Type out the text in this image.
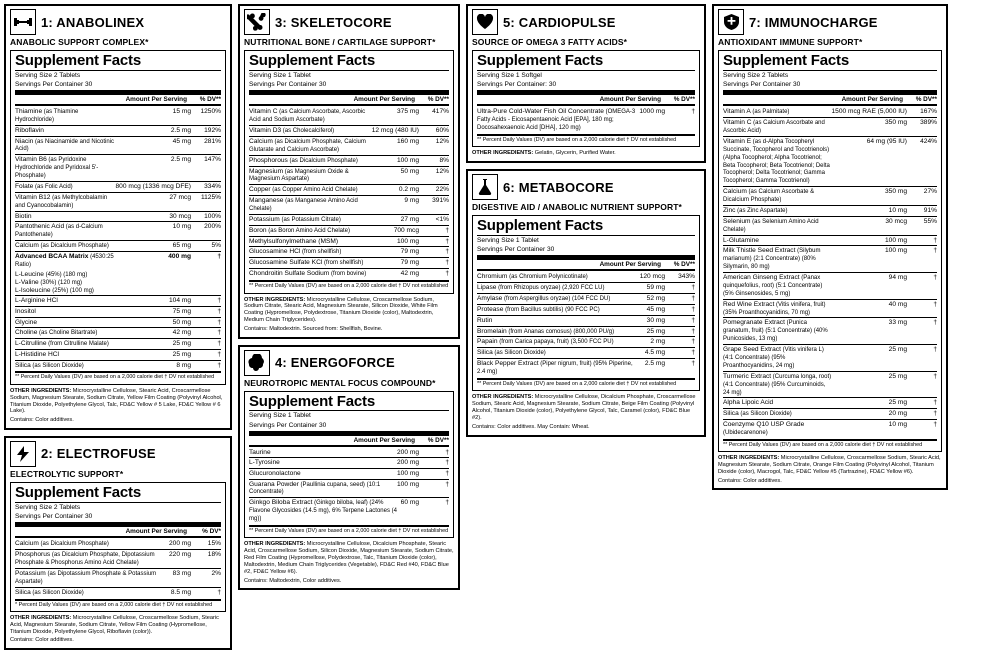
1: ANABOLINEX
ANABOLIC SUPPORT COMPLEX*
Supplement Facts
Serving Size 2 Tablets
Servings Per Container 30
Amount Per Serving	% DV**
Thiamine (as Thiamine Hydrochloride)	15 mg	1250%
Riboflavin	2.5 mg	192%
Niacin (as Niacinamide and Nicotinic Acid)	45 mg	281%
Vitamin B6 (as Pyridoxine Hydrochloride and Pyridoxal 5'-Phosphate)	2.5 mg	147%
Folate (as Folic Acid)	800 mcg (1336 mcg DFE)	334%
Vitamin B12 (as Methylcobalamin and Cyanocobalamin)	27 mcg	1125%
Biotin	30 mcg	100%
Pantothenic Acid (as d-Calcium Pantothenate)	10 mg	200%
Calcium (as Dicalcium Phosphate)	65 mg	5%
Advanced BCAA Matrix (4530:25 Ratio)	400 mg	†

L-Leucine (45%) (180 mg)
L-Valine (30%) (120 mg)
L-Isoleucine (25%) (100 mg)		

L-Arginine HCl	104 mg	†
Inositol	75 mg	†
Glycine	50 mg	†
Choline (as Choline Bitartrate)	42 mg	†
L-Citrulline (from Citrulline Malate)	25 mg	†
L-Histidine HCl	25 mg	†
Silica (as Silicon Dioxide)	8 mg	†
** Percent Daily Values (DV) are based on a 2,000 calorie diet † DV not established
OTHER INGREDIENTS: Microcrystalline Cellulose, Stearic Acid, Croscarmellose Sodium, Magnesium Stearate, Sodium Citrate, Yellow Film Coating (Polyvinyl Alcohol, Titanium Dioxide, Polyethylene Glycol, Talc, FD&C Yellow # 5 Lake, FD&C Yellow # 6 Lake).
Contains: Color additives.
2: ELECTROFUSE
ELECTROLYTIC SUPPORT*
Supplement Facts
Serving Size 2 Tablets
Servings Per Container 30
Amount Per Serving	% DV*
Calcium (as Dicalcium Phosphate)	200 mg	15%
Phosphorus (as Dicalcium Phosphate, Dipotassium Phosphate & Phosphorus Amino Acid Chelate)	220 mg	18%
Potassium (as Dipotassium Phosphate & Potassium Aspartate)	83 mg	2%
Silica (as Silicon Dioxide)	8.5 mg	†
* Percent Daily Values (DV) are based on a 2,000 calorie diet † DV not established
OTHER INGREDIENTS: Microcrystalline Cellulose, Croscarmellose Sodium, Stearic Acid, Magnesium Stearate, Sodium Citrate, Yellow Film Coating (Hypromellose, Titanium Dioxide, Polyethylene Glycol, Riboflavin (color)).
Contains: Color additives.
3: SKELETOCORE
NUTRITIONAL BONE / CARTILAGE SUPPORT*
Supplement Facts
Serving Size 1 Tablet
Servings Per Container 30
Amount Per Serving	% DV**
Vitamin C (as Calcium Ascorbate, Ascorbic Acid and Sodium Ascorbate)	375 mg	417%
Vitamin D3 (as Cholecalciferol)	12 mcg (480 IU)	60%
Calcium (as Dicalcium Phosphate, Calcium Glutarate and Calcium Ascorbate)	160 mg	12%
Phosphorous (as Dicalcium Phosphate)	100 mg	8%
Magnesium (as Magnesium Oxide & Magnesium Aspartate)	50 mg	12%
Copper (as Copper Amino Acid Chelate)	0.2 mg	22%
Manganese (as Manganese Amino Acid Chelate)	9 mg	391%
Potassium (as Potassium Citrate)	27 mg	<1%
Boron (as Boron Amino Acid Chelate)	700 mcg	†
Methylsulfonylmethane (MSM)	100 mg	†
Glucosamine HCl (from shellfish)	79 mg	†
Glucosamine Sulfate KCl (from shellfish)	79 mg	†
Chondroitin Sulfate Sodium (from bovine)	42 mg	†
** Percent Daily Values (DV) are based on a 2,000 calorie diet † DV not established
OTHER INGREDIENTS: Microcrystalline Cellulose, Croscarmellose Sodium, Sodium Citrate, Stearic Acid, Magnesium Stearate, Silicon Dioxide, White Film Coating (Hypromellose, Polydextrose, Titanium Dioxide (color), Maltodextrin, Medium Chain Triglycerides).
Contains: Maltodextrin. Sourced from: Shellfish, Bovine.
4: ENERGOFORCE
NEUROTROPIC MENTAL FOCUS COMPOUND*
Supplement Facts
Serving Size 1 Tablet
Servings Per Container 30
Amount Per Serving	% DV**
Taurine	200 mg	†
L-Tyrosine	200 mg	†
Glucuronolactone	100 mg	†
Guarana Powder (Paullinia cupana, seed) (10:1 Concentrate)	100 mg	†
Ginkgo Biloba Extract (Ginkgo biloba, leaf) (24% Flavone Glycosides (14.5 mg), 6% Terpene Lactones (4 mg))	60 mg	†
** Percent Daily Values (DV) are based on a 2,000 calorie diet † DV not established
OTHER INGREDIENTS: Microcrystalline Cellulose, Dicalcium Phosphate, Stearic Acid, Croscarmellose Sodium, Silicon Dioxide, Magnesium Stearate, Sodium Citrate, Red Film Coating (Hypromellose, Polydextrose, Talc, Titanium Dioxide (color), Maltodextrin, Medium Chain Triglycerides (Vegetable), FD&C Red #40, FD&C Blue #2, FD&C Yellow #6).
Contains: Maltodextrin, Color additives.
5: CARDIOPULSE
SOURCE OF OMEGA 3 FATTY ACIDS*
Supplement Facts
Serving Size 1 Softgel
Servings Per Container: 30
Amount Per Serving	% DV**
Ultra-Pure Cold-Water Fish Oil Concentrate (OMEGA-3 Fatty Acids - Eicosapentaenoic Acid [EPA], 180 mg; Docosahexaenoic Acid [DHA], 120 mg)	1000 mg	†
** Percent Daily Values (DV) are based on a 2,000 calorie diet † DV not established
OTHER INGREDIENTS: Gelatin, Glycerin, Purified Water.
6: METABOCORE
DIGESTIVE AID / ANABOLIC NUTRIENT SUPPORT*
Supplement Facts
Serving Size 1 Tablet
Servings Per Container 30
Amount Per Serving	% DV**
Chromium (as Chromium Polynicotinate)	120 mcg	343%
Lipase (from Rhizopus oryzae) (2,920 FCC LU)	59 mg	†
Amylase (from Aspergillus oryzae) (104 FCC DU)	52 mg	†
Protease (from Bacillus subtilis) (90 FCC PC)	45 mg	†
Rutin	30 mg	†
Bromelain (from Ananas comosus) (800,000 PU/g)	25 mg	†
Papain (from Carica papaya, fruit) (3,500 FCC PU)	2 mg	†
Silica (as Silicon Dioxide)	4.5 mg	†
Black Pepper Extract (Piper nigrum, fruit) (95% Piperine, 2.4 mg)	2.5 mg	†
** Percent Daily Values (DV) are based on a 2,000 calorie diet † DV not established
OTHER INGREDIENTS: Microcrystalline Cellulose, Dicalcium Phosphate, Croscarmellose Sodium, Stearic Acid, Magnesium Stearate, Sodium Citrate, Beige Film Coating (Polyvinyl Alcohol, Titanium Dioxide (color), Polyethylene Glycol, Talc, Caramel (color), FD&C Blue #2).
Contains: Color additives. May Contain: Wheat.
7: IMMUNOCHARGE
ANTIOXIDANT IMMUNE SUPPORT*
Supplement Facts
Serving Size 2 Tablets
Servings Per Container 30
Amount Per Serving	% DV**
Vitamin A (as Palmitate)	1500 mcg RAE (5,000 IU)	167%
Vitamin C (as Calcium Ascorbate and Ascorbic Acid)	350 mg	389%
Vitamin E (as d-Alpha Tocopheryl Succinate, Tocopherol and Tocotrienols) (Alpha Tocopherol; Alpha Tocotrienol; Beta Tocopherol; Beta Tocotrienol; Delta Tocopherol; Delta Tocotrienol; Gamma Tocopherol; Gamma Tocotrienol)	64 mg (95 IU)	424%
Calcium (as Calcium Ascorbate & Dicalcium Phosphate)	350 mg	27%
Zinc (as Zinc Aspartate)	10 mg	91%
Selenium (as Selenium Amino Acid Chelate)	30 mcg	55%
L-Glutamine	100 mg	†
Milk Thistle Seed Extract (Silybum marianum) (2:1 Concentrate) (80% Silymarin, 80 mg)	100 mg	†
American Ginseng Extract (Panax quinquefolius, root) (5:1 Concentrate) (5% Ginsenosides, 5 mg)	94 mg	†
Red Wine Extract (Vitis vinifera, fruit) (35% Proanthocyanidins, 70 mg)	40 mg	†
Pomegranate Extract (Punica granatum, fruit) (5:1 Concentrate) (40% Punicosides, 13 mg)	33 mg	†
Grape Seed Extract (Vitis vinifera L) (4:1 Concentrate) (95% Proanthocyanidins, 24 mg)	25 mg	†
Turmeric Extract (Curcuma longa, root) (4:1 Concentrate) (95% Curcuminoids, 24 mg)	25 mg	†
Alpha Lipoic Acid	25 mg	†
Silica (as Silicon Dioxide)	20 mg	†
Coenzyme Q10 USP Grade (Ubidecarenone)	10 mg	†
** Percent Daily Values (DV) are based on a 2,000 calorie diet † DV not established
OTHER INGREDIENTS: Microcrystalline Cellulose, Croscarmellose Sodium, Stearic Acid, Magnesium Stearate, Sodium Citrate, Orange Film Coating (Polyvinyl Alcohol, Titanium Dioxide (color), Macrogol, Talc, FD&C Yellow #5 (Tartrazine), FD&C Yellow #6).
Contains: Color additives.
